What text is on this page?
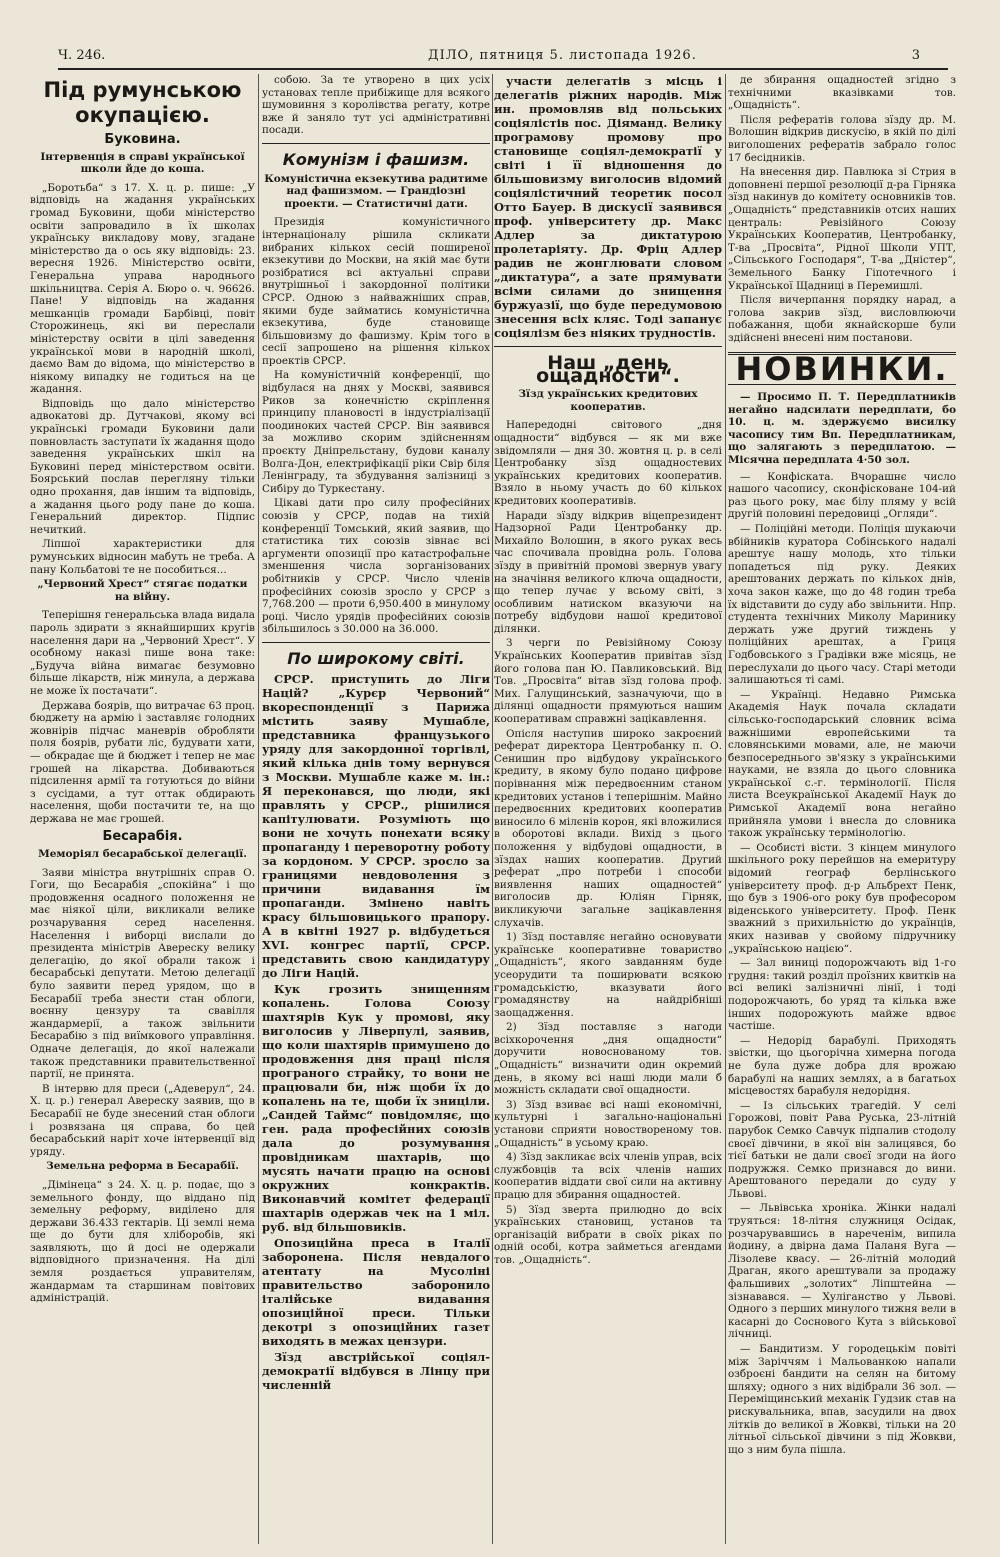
Ч. 246.	ДІЛО, пятниця 5. листопада 1926.	3
Під румунською окупацією.
Буковина.
Інтервенція в справі української школи йде до коша.

„Боротьба“ з 17. X. ц. р. пише: „У відповідь на жадання українських громад Буковини, щоби міністерство освіти запровадило в їх школах українську викладову мову, згадане міністерство да о ось яку відповідь: 23. вересня 1926. Міністерство освіти, Генеральна управа народнього шкільництва. Серія А. Бюро о. ч. 96626. Пане! У відповідь на жадання мешканців громади Барбівці, повіт Сторожинець, які ви переслали міністерству освіти в цілі заведення української мови в народній школі, даємо Вам до відома, що міністерство в ніякому випадку не годиться на це жадання.

Відповідь що дало міністерство адвокатові др. Дутчакові, якому всі українські громади Буковини дали повновласть заступати їх жадання щодо заведення українських шкіл на Буковині перед міністерством освіти. Боярський послав перегляну тільки одно прохання, дав іншим та відповідь, а жадання цього роду пане до коша. Генеральний директор. Підпис нечиткий.

Ліпшої характеристики для румунських відносин мабуть не треба. А пану Кольбатові те не пособиться...

„Червоний Хрест“ стягає податки на війну.

Теперішня генеральська влада видала пароль здирати з якнайширших кругів населення дари на „Червоний Хрест“. У особному наказі пише вона таке: „Будуча війна вимагає безумовно більше лікарств, ніж минула, а держава не може їх постачати“.

Держава боярів, що витрачає 63 проц. бюджету на армію і заставляє голодних жовнірів підчас маневрів обробляти поля боярів, рубати ліс, будувати хати, — обкрадає ще й бюджет і тепер не має грошей на лікарства. Добиваються підсилення армії та готуються до війни з сусідами, а тут оттак обдирають населення, щоби постачити те, на що держава не має грошей.

Бесарабія.
Меморіял бесарабської делегації.

Заяви міністра внутрішніх справ О. Гоги, що Бесарабія „спокійна“ і що продовження осадного положення не має ніякої ціли, викликали велике розчарування серед населення. Населення і виборці вислали до президента міністрів Авереску велику делегацію, до якої обрали також і бесарабські депутати. Метою делегації було заявити перед урядом, що в Бесарабії треба знести стан облоги, воєнну цензуру та свавілля жандармерії, а також звільнити Бесарабію з під виїмкового управління. Одначе делегація, до якої належали також представники правительственної партії, не принята.

В інтервю для преси („Адеверул“, 24. X. ц. р.) генерал Авереску заявив, що в Бесарабії не буде знесений стан облоги і розвязана ця справа, бо цей бесарабський наріт хоче інтервенції від уряду.

Земельна реформа в Бесарабії.

„Дімінеца“ з 24. X. ц. р. подає, що з земельного фонду, що віддано під земельну реформу, виділено для держави 36.433 гектарів. Ці землі нема ще до бути для хліборобів, які заявляють, що й досі не одержали відповідного призначення. На ділі земля роздається управителям, жандармам та старшинам повітових адміністрацій.

собою. За те утворено в цих усіх установах тепле прибіжище для всякого шумовиння з королівства регату, котре вже й заняло тут усі адміністративні посади.

Комунізм і фашизм.
Комуністична екзекутива радитиме над фашизмом. — Грандіозні проекти. — Статистичні дати.

Президія комуністичного інтернаціоналу рішила скликати вибраних кількох сесій поширеної екзекутиви до Москви, на якій має бути розібратися всі актуальні справи внутрішньої і закордонної політики СРСР. Одною з найважніших справ, якими буде займатись комуністична екзекутива, буде становище більшовизму до фашизму. Крім того в сесії запрошено на рішення кількох проектів СРСР.

На комуністичній конференції, що відбулася на днях у Москві, заявився Риков за конечністю скріплення принципу плановості в індустріалізації поодиноких частей СРСР. Він заявився за можливо скорим здійсненням проєкту Дніпрельстану, будови каналу Волга-Дон, електрифікації ріки Свір біля Ленінграду, та збудування залізниці з Сибіру до Туркестану.

Цікаві дати про силу професійних союзів у СРСР, подав на тихій конференції Томський, який заявив, що статистика тих союзів зівнає всі аргументи опозиції про катастрофальне зменшення числа зорганізованих робітників у СРСР. Число членів професійних союзів зросло у СРСР з 7,768.200 — проти 6,950.400 в минулому році. Число урядів професійних союзів збільшилось з 30.000 на 36.000.

По широкому світі.

СРСР. приступить до Ліги Націй? „Курєр Червоний“ вкореспонденції з Парижа містить заяву Мушабле, представника французького уряду для закордонної торгівлі, який кілька днів тому вернувся з Москви. Мушабле каже м. ін.: Я переконався, що люди, які правлять у СРСР., рішилися капітулювати. Розуміють що вони не хочуть понехати всяку пропаганду і переворотну роботу за кордоном. У СРСР. зросло за границями невдоволення з причини видавання їм пропаганди. Змінено навіть красу більшовицького прапору. А в квітні 1927 р. відбудеться XVI. конгрес партії, СРСР. представить свою кандидатуру до Ліги Націй.

Кук грозить знищенням копалень. Голова Союзу шахтярів Кук у промові, яку виголосив у Ліверпулі, заявив, що коли шахтярів примушено до продовження дня праці після програного страйку, то вони не працювали би, ніж щоби їх до копалень на те, щоби їх зниціли. „Сандей Таймс“ повідомляє, що ген. рада професійних союзів дала до розумування провідникам шахтарів, що мусять начати працю на основі окружних конкрактів. Виконавчий комітет федерації шахтарів одержав чек на 1 міл. руб. від більшовиків.

Опозиційна преса в Італії заборонена. Після невдалого атентату на Мусоліні правительство заборонило італійське видавання опозиційної преси. Тільки декотрі з опозиційних газет виходять в межах цензури.

Зїзд австрійської соціял-демократії відбувся в Лінцу при численній

участи делегатів з місць і делегатів ріжних народів. Між ин. промовляв від польських соціялістів пос. Діяманд. Велику програмову промову про становище соціял-демократії у світі і її відношення до більшовизму виголосив відомий соціялістичний теоретик посол Отто Бауер. В дискусії заявився проф. університету др. Макс Адлер за диктатурою пролетаріяту. Др. Фріц Адлер радив не жонглювати словом „диктатура“, а зате прямувати всіми силами до знищення буржуазії, що буде передумовою знесення всіх кляс. Тоді запанує соціялізм без ніяких трудностів.

Наш „день ощадности“.
Зїзд українських кредитових кооператив.

Напередодні світового „дня ощадности“ відбувся — як ми вже звідомляли — дня 30. жовтня ц. р. в селі Центробанку зїзд ощадностевих українських кредитових кооператив. Взяло в ньому участь до 60 кількох кредитових кооперативів.

Наради зїзду відкрив віцепрезидент Надзорної Ради Центробанку др. Михайло Волошин, в якого руках весь час спочивала провідна роль. Голова зїзду в привітній промові звернув увагу на значіння великого ключа ощадности, що тепер лучає у всьому світі, з особливим натиском вказуючи на потребу відбудови нашої кредитової ділянки.

З черги по Ревізійному Союзу Українських Кооператив привітав зїзд його голова пан Ю. Павликовський. Від Тов. „Просвіта“ вітав зїзд голова проф. Мих. Галущинський, зазначуючи, що в ділянці ощадности прямуються нашим кооперативам справжні зацікавлення.

Опісля наступив широко закроєний реферат директора Центробанку п. О. Сенишин про відбудову українського кредиту, в якому було подано цифрове порівнання між передвоєнним станом кредитових установ і теперішнім. Майно передвоєнних кредитових кооператив виносило 6 мілєнів корон, які вложилися в оборотові вклади. Вихід з цього положення у відбудові ощадности, в зїздах наших кооператив. Другий реферат „про потреби і способи виявлення наших ощадностей“ виголосив др. Юліян Гірняк, викликуючи загальне зацікавлення слухачів.

1) Зїзд поставляє негайно основувати українське кооперативне товариство „Ощадність“, якого завданням буде усеорудити та поширювати всякою громадськістю, вказувати його громадянству на найдрібніші заощадження.

2) Зїзд поставляє з нагоди всіхкорочення „дня ощадности“ доручити новоснованому тов. „Ощадність“ визначити один окремий день, в якому всі наші люди мали б можність складати свої ощадности.

3) Зїзд взиває всі наші економічні, культурні і загально-національні установи сприяти новоствореному тов. „Ощадність“ в усьому краю.

4) Зїзд закликає всіх членів управ, всіх службовців та всіх членів наших кооператив віддати свої сили на активну працю для збирання ощадностей.

5) Зїзд зверта прилюдно до всіх українських становищ, установ та організацій вибрати в своїх ріках по одній особі, котра займеться агендами тов. „Ощадність“.

де збирання ощадностей згідно з технічними вказівками тов. „Ощадність“.

Після рефератів голова зїзду др. М. Волошин відкрив дискусію, в якій по ділі виголошених рефератів забрало голос 17 бесідників.

На внесення дир. Павлюка зі Стрия в доповнені першої резолюції д-ра Гірняка зїзд накинув до комітету основників тов. „Ощадність“ представників отсих наших централь: Ревізійного Союзу Українських Кооператив, Центробанку, Т-ва „Просвіта“, Рідної Школи УПТ, „Сільського Господаря“, Т-ва „Дністер“, Земельного Банку Гіпотечного і Української Щадниці в Перемишлі.

Після вичерпання порядку нарад, а голова закрив зїзд, висловлюючи побажання, щоби якнайскорше були здійснені внесені ним постанови.

НОВИНКИ.

— Просимо П. Т. Передплатників негайно надсилати передплати, бо 10. ц. м. здержуємо висилку часопису тим Вп. Передплатникам, що залягають з передплатою. — Місячна передплата 4·50 зол.

— Конфіската. Вчорашнє число нашого часопису, сконфісковане 104-ий раз цього року, має білу пляму у всій другій половині передовиці „Огляди“.

— Поліційні методи. Поліція шукаючи вбійників куратора Собінського надалі арештує нашу молодь, хто тільки попадеться під руку. Деяких арештованих держать по кількох днів, хоча закон каже, що до 48 годин треба їх відставити до суду або звільнити. Нпр. студента технічних Миколу Маринику держать уже другий тиждень у поліційних арештах, а Гриця Годбовського з Градівки вже місяць, не переслухали до цього часу. Старі методи залишаються ті самі.

— Українці. Недавно Римська Академія Наук почала складати сільсько-господарський словник всіма важнішими европейськими та словянськими мовами, але, не маючи безпосереднього зв'язку з українськими науками, не взяла до цього словника української с.-г. термінології. Після листа Всеукраїнської Академії Наук до Римської Академії вона негайно прийняла умови і внесла до словника також українську термінологію.

— Особисті вісти. З кінцем минулого шкільного року перейшов на емеритуру відомий географ берлінського університету проф. д-р Альбрехт Пенк, що був з 1906-ого року був професором віденського університету. Проф. Пенк зважний з прихильністю до українців, яких називав у свойому підручнику „українською нацією“.

— Зал виниці подорожчають від 1-го грудня: такий розділ проїзних квитків на всі великі залізничні лінії, і тоді подорожчають, бо уряд та кілька вже інших подорожують майже вдвоє частіше.

— Недорід барабулі. Приходять звістки, що цьогорічна химерна погода не була дуже добра для врожаю барабулі на наших землях, а в багатьох місцевостях барабуля недорідня.

— Із сільських трагедій. У селі Горожові, повіт Рава Руська, 23-літній парубок Семко Савчук підпалив стодолу своєї дівчини, в якої він залицявся, бо тієї батьки не дали своєї згоди на його подружжя. Семко признався до вини. Арештованого передали до суду у Львові.

— Львівська хроніка. Жінки надалі труяться: 18-літня служниця Осідак, розчарувавшись в нареченім, випила йодину, а двірна дама Паланя Вуга — Лізолеве квасу. — 26-літній молодий Драган, якого арештували за продажу фальшивих „золотих“ Ліпштейна — зізнавався. — Хуліганство у Львові. Одного з перших минулого тижня вели в касарні до Соснового Кута з військової лічниці.

— Бандитизм. У городецькім повіті між Заріччям і Мальованкою напали озброєні бандити на селян на битому шляху; одного з них відібрали 36 зол. — Переміщинський механік Гудзик став на рискувальника, впав, засудили на двох літків до великої в Жовкві, тільки на 20 літньої сільської дівчини з під Жовкви, що з ним була пішла.
